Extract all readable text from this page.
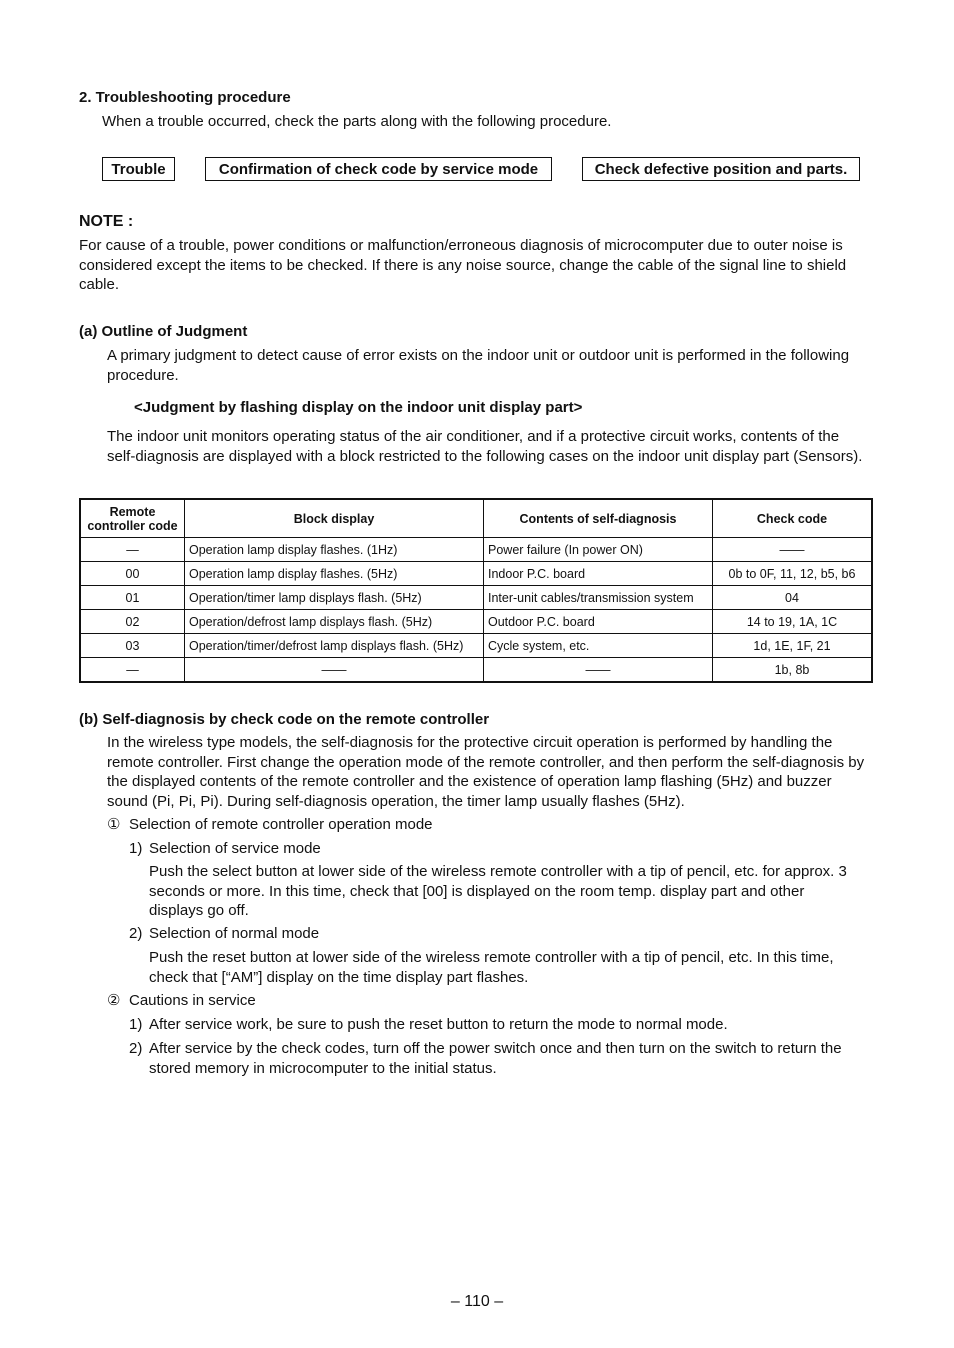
2. Troubleshooting procedure
When a trouble occurred, check the parts along with the following procedure.
Trouble	Confirmation of check code by service mode	Check defective position and parts.
NOTE :
For cause of a trouble, power conditions or malfunction/erroneous diagnosis of microcomputer due to outer noise is considered except the items to be checked. If there is any noise source, change the cable of the signal line to shield cable.
(a) Outline of Judgment
A primary judgment to detect cause of error exists on the indoor unit or outdoor unit is performed in the following procedure.
<Judgment by flashing display on the indoor unit display part>
The indoor unit monitors operating status of the air conditioner, and if a protective circuit works, contents of the self-diagnosis are displayed with a block restricted to the following cases on the indoor unit display part (Sensors).
Remote controller code	Block display	Contents of self-diagnosis	Check code
—	Operation lamp display flashes. (1Hz)	Power failure (In power ON)	——
00	Operation lamp display flashes. (5Hz)	Indoor P.C. board	0b to 0F, 11, 12, b5, b6
01	Operation/timer lamp displays flash. (5Hz)	Inter-unit cables/transmission system	04
02	Operation/defrost lamp displays flash. (5Hz)	Outdoor P.C. board	14 to 19, 1A, 1C
03	Operation/timer/defrost lamp displays flash. (5Hz)	Cycle system, etc.	1d, 1E, 1F, 21
—	——	——	1b, 8b
(b) Self-diagnosis by check code on the remote controller
In the wireless type models, the self-diagnosis for the protective circuit operation is performed by handling the remote controller. First change the operation mode of the remote controller, and then perform the self-diagnosis by the displayed contents of the remote controller and the existence of operation lamp flashing (5Hz) and buzzer sound (Pi, Pi, Pi). During self-diagnosis operation, the timer lamp usually flashes (5Hz).
① Selection of remote controller operation mode
1) Selection of service mode
Push the select button at lower side of the wireless remote controller with a tip of pencil, etc. for approx. 3 seconds or more. In this time, check that [00] is displayed on the room temp. display part and other displays go off.
2) Selection of normal mode
Push the reset button at lower side of the wireless remote controller with a tip of pencil, etc. In this time, check that [“AM”] display on the time display part flashes.
② Cautions in service
1) After service work, be sure to push the reset button to return the mode to normal mode.
2) After service by the check codes, turn off the power switch once and then turn on the switch to return the stored memory in microcomputer to the initial status.
– 110 –
